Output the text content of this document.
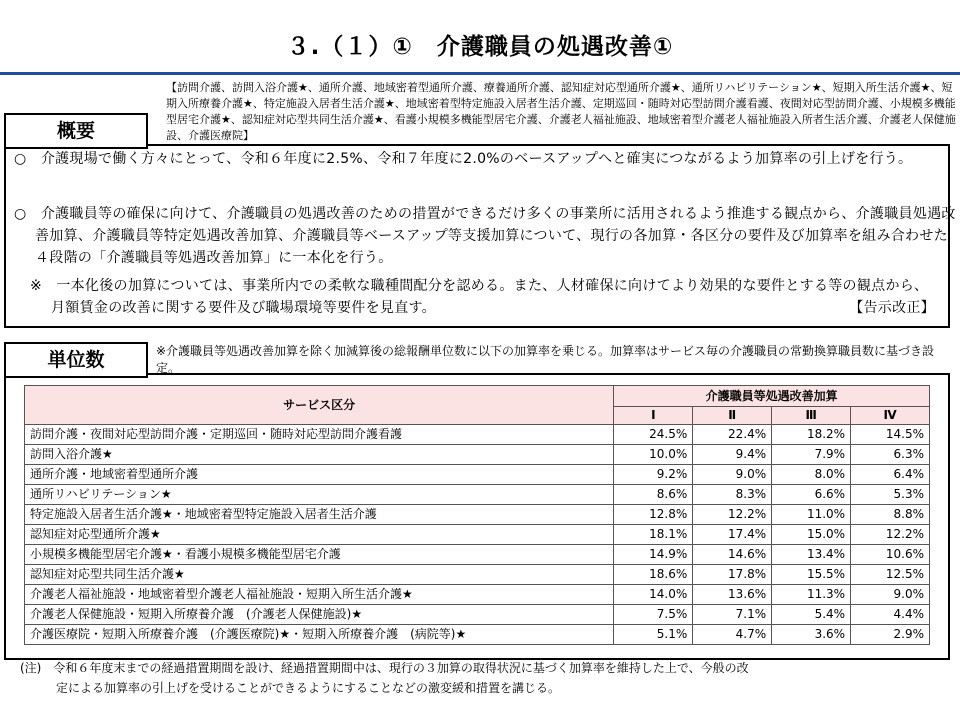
３.（１）①　介護職員の処遇改善①
【訪問介護、訪問入浴介護★、通所介護、地域密着型通所介護、療養通所介護、認知症対応型通所介護★、通所リハビリテーション★、短期入所生活介護★、短期入所療養介護★、特定施設入居者生活介護★、地域密着型特定施設入居者生活介護、定期巡回・随時対応型訪問介護看護、夜間対応型訪問介護、小規模多機能型居宅介護★、認知症対応型共同生活介護★、看護小規模多機能型居宅介護、介護老人福祉施設、地域密着型介護老人福祉施設入所者生活介護、介護老人保健施設、介護医療院】
概要
○　介護現場で働く方々にとって、令和６年度に2.5%、令和７年度に2.0%のベースアップへと確実につながるよう加算率の引上げを行う。
○　介護職員等の確保に向けて、介護職員の処遇改善のための措置ができるだけ多くの事業所に活用されるよう推進する観点から、介護職員処遇改善加算、介護職員等特定処遇改善加算、介護職員等ベースアップ等支援加算について、現行の各加算・各区分の要件及び加算率を組み合わせた４段階の「介護職員等処遇改善加算」に一本化を行う。
※　一本化後の加算については、事業所内での柔軟な職種間配分を認める。また、人材確保に向けてより効果的な要件とする等の観点から、月額賃金の改善に関する要件及び職場環境等要件を見直す。	【告示改正】
単位数	※介護職員等処遇改善加算を除く加減算後の総報酬単位数に以下の加算率を乗じる。加算率はサービス毎の介護職員の常勤換算職員数に基づき設定。
サービス区分	介護職員等処遇改善加算			
	Ⅰ	Ⅱ	Ⅲ	Ⅳ
訪問介護・夜間対応型訪問介護・定期巡回・随時対応型訪問介護看護	24.5%	22.4%	18.2%	14.5%
訪問入浴介護★	10.0%	9.4%	7.9%	6.3%
通所介護・地域密着型通所介護	9.2%	9.0%	8.0%	6.4%
通所リハビリテーション★	8.6%	8.3%	6.6%	5.3%
特定施設入居者生活介護★・地域密着型特定施設入居者生活介護	12.8%	12.2%	11.0%	8.8%
認知症対応型通所介護★	18.1%	17.4%	15.0%	12.2%
小規模多機能型居宅介護★・看護小規模多機能型居宅介護	14.9%	14.6%	13.4%	10.6%
認知症対応型共同生活介護★	18.6%	17.8%	15.5%	12.5%
介護老人福祉施設・地域密着型介護老人福祉施設・短期入所生活介護★	14.0%	13.6%	11.3%	9.0%
介護老人保健施設・短期入所療養介護　(介護老人保健施設)★	7.5%	7.1%	5.4%	4.4%
介護医療院・短期入所療養介護　(介護医療院)★・短期入所療養介護　(病院等)★	5.1%	4.7%	3.6%	2.9%
(注)　令和６年度末までの経過措置期間を設け、経過措置期間中は、現行の３加算の取得状況に基づく加算率を維持した上で、今般の改
定による加算率の引上げを受けることができるようにすることなどの激変緩和措置を講じる。
